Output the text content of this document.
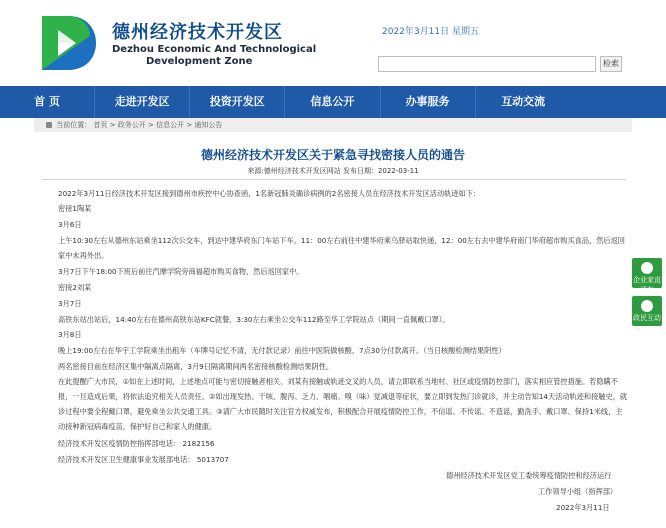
德州经济技术开发区
Dezhou Economic And Technological
Development Zone
2022年3月11日 星期五
检索
首 页	走进开发区	投资开发区	信息公开	办事服务	互动交流
当前位置： 首页 > 政务公开 > 信息公开 > 通知公告
德州经济技术开发区关于紧急寻找密接人员的通告
来源:德州经济技术开发区网站 发布日期：2022-03-11
2022年3月11日经济技术开发区接到德州市疾控中心协查函，1名新冠肺炎确诊病例的2名密接人员在经济技术开发区活动轨迹如下：
密接1陶某
3月6日
上午10:30左右从德州东站乘坐112次公交车，到达中建华府东门车站下车。11：00左右前往中建华府乘乌驿站取快递，12：00左右去中建华府南门华府超市购买食品，然后返回家中未再外出。
3月7日下午18:00下班后前往汽摩学院旁商福超市购买食物，然后返回家中。
密接2刘某
3月7日
高铁东站出站后，14:40左右在德州高铁东站KFC就餐，3:30左右乘坐公交车112路至华工学院站点（期间一直佩戴口罩）。
3月8日
晚上19:00左右在华宇工学院乘坐出租车（车牌号记忆不清，无付款记录）前往中医院做核酸，7点30分付款离开。（当日核酸检测结果阴性）
两名密接目前在经济区集中隔离点隔离，3月9日隔离期间两名密接核酸检测结果阴性。
在此提醒广大市民，①如在上述时间，上述地点可能与密切接触者相关、刘某有接触或轨迹交叉的人员，请立即联系当地村、社区或疫情防控部门，落实相应管控措施。若隐瞒不报，一旦造成后果，将依法追究相关人员责任。②如出现发热、干咳、腹泻、乏力、咽痛、嗅（味）觉减退等症状，要立即到发热门诊就诊，并主动告知14天活动轨迹和接触史，就诊过程中要全程戴口罩，避免乘坐公共交通工具。③请广大市民随时关注官方权威发布，积极配合开展疫情防控工作，不信谣、不传谣、不造谣，勤洗手、戴口罩、保持1米线，主动接种新冠病毒疫苗，保护好自己和家人的健康。
经济技术开发区疫情防控指挥部电话： 2182156
经济技术开发区卫生健康事业发展部电话： 5013707
德州经济技术开发区党工委统筹疫情防控和经济运行
工作领导小组（指挥部）
2022年3月11日
企业家直通车
政民互动
